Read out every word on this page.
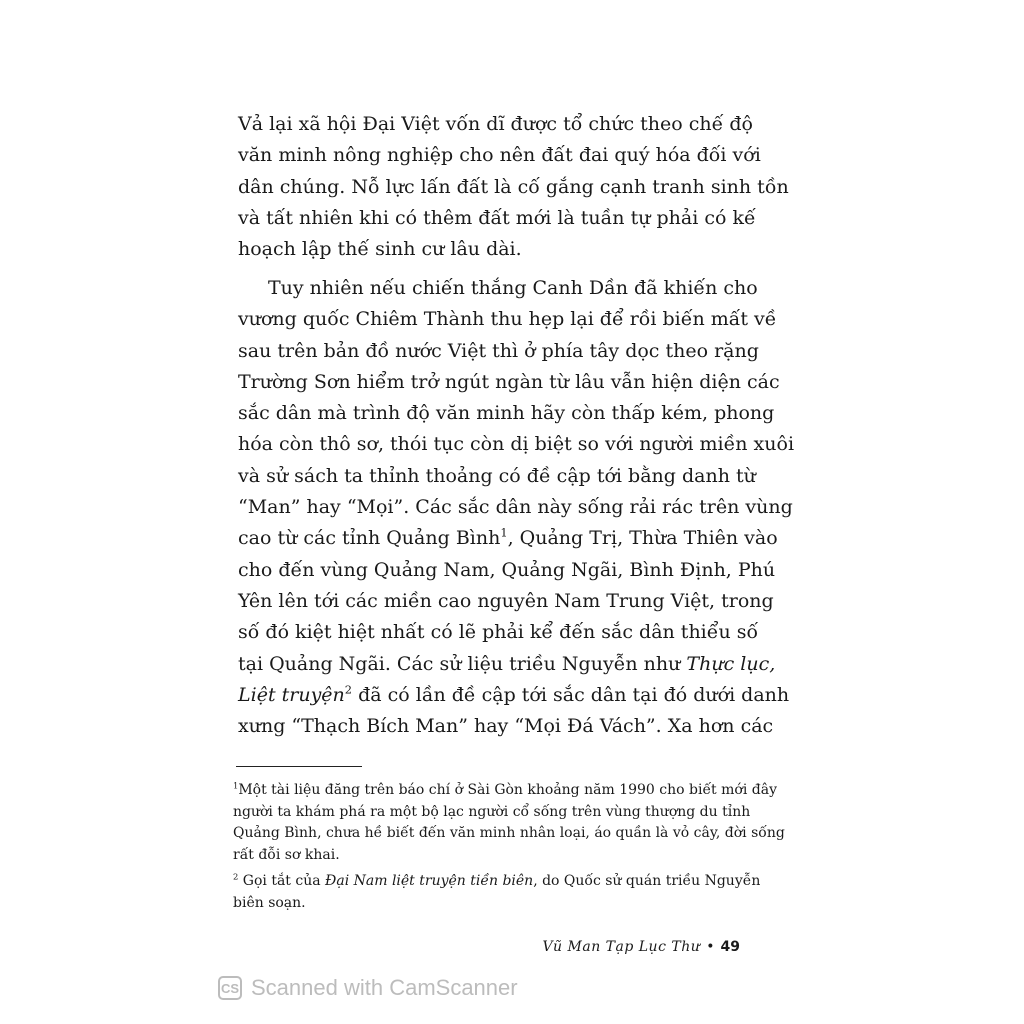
Vả lại xã hội Đại Việt vốn dĩ được tổ chức theo chế độ
văn minh nông nghiệp cho nên đất đai quý hóa đối với
dân chúng. Nỗ lực lấn đất là cố gắng cạnh tranh sinh tồn
và tất nhiên khi có thêm đất mới là tuần tự phải có kế
hoạch lập thế sinh cư lâu dài.
Tuy nhiên nếu chiến thắng Canh Dần đã khiến cho
vương quốc Chiêm Thành thu hẹp lại để rồi biến mất về
sau trên bản đồ nước Việt thì ở phía tây dọc theo rặng
Trường Sơn hiểm trở ngút ngàn từ lâu vẫn hiện diện các
sắc dân mà trình độ văn minh hãy còn thấp kém, phong
hóa còn thô sơ, thói tục còn dị biệt so với người miền xuôi
và sử sách ta thỉnh thoảng có đề cập tới bằng danh từ
“Man” hay “Mọi”. Các sắc dân này sống rải rác trên vùng
cao từ các tỉnh Quảng Bình$^1$, Quảng Trị, Thừa Thiên vào
cho đến vùng Quảng Nam, Quảng Ngãi, Bình Định, Phú
Yên lên tới các miền cao nguyên Nam Trung Việt, trong
số đó kiệt hiệt nhất có lẽ phải kể đến sắc dân thiểu số
tại Quảng Ngãi. Các sử liệu triều Nguyễn như Thực lục,
Liệt truyện$^2$ đã có lần đề cập tới sắc dân tại đó dưới danh
xưng “Thạch Bích Man” hay “Mọi Đá Vách”. Xa hơn các
$^1$Một tài liệu đăng trên báo chí ở Sài Gòn khoảng năm 1990 cho biết mới đây
người ta khám phá ra một bộ lạc người cổ sống trên vùng thượng du tỉnh
Quảng Bình, chưa hề biết đến văn minh nhân loại, áo quần là vỏ cây, đời sống
rất đỗi sơ khai.
$^2$ Gọi tắt của Đại Nam liệt truyện tiền biên, do Quốc sử quán triều Nguyễn
biên soạn.
Vũ Man Tạp Lục Thư • 49
CS Scanned with CamScanner
